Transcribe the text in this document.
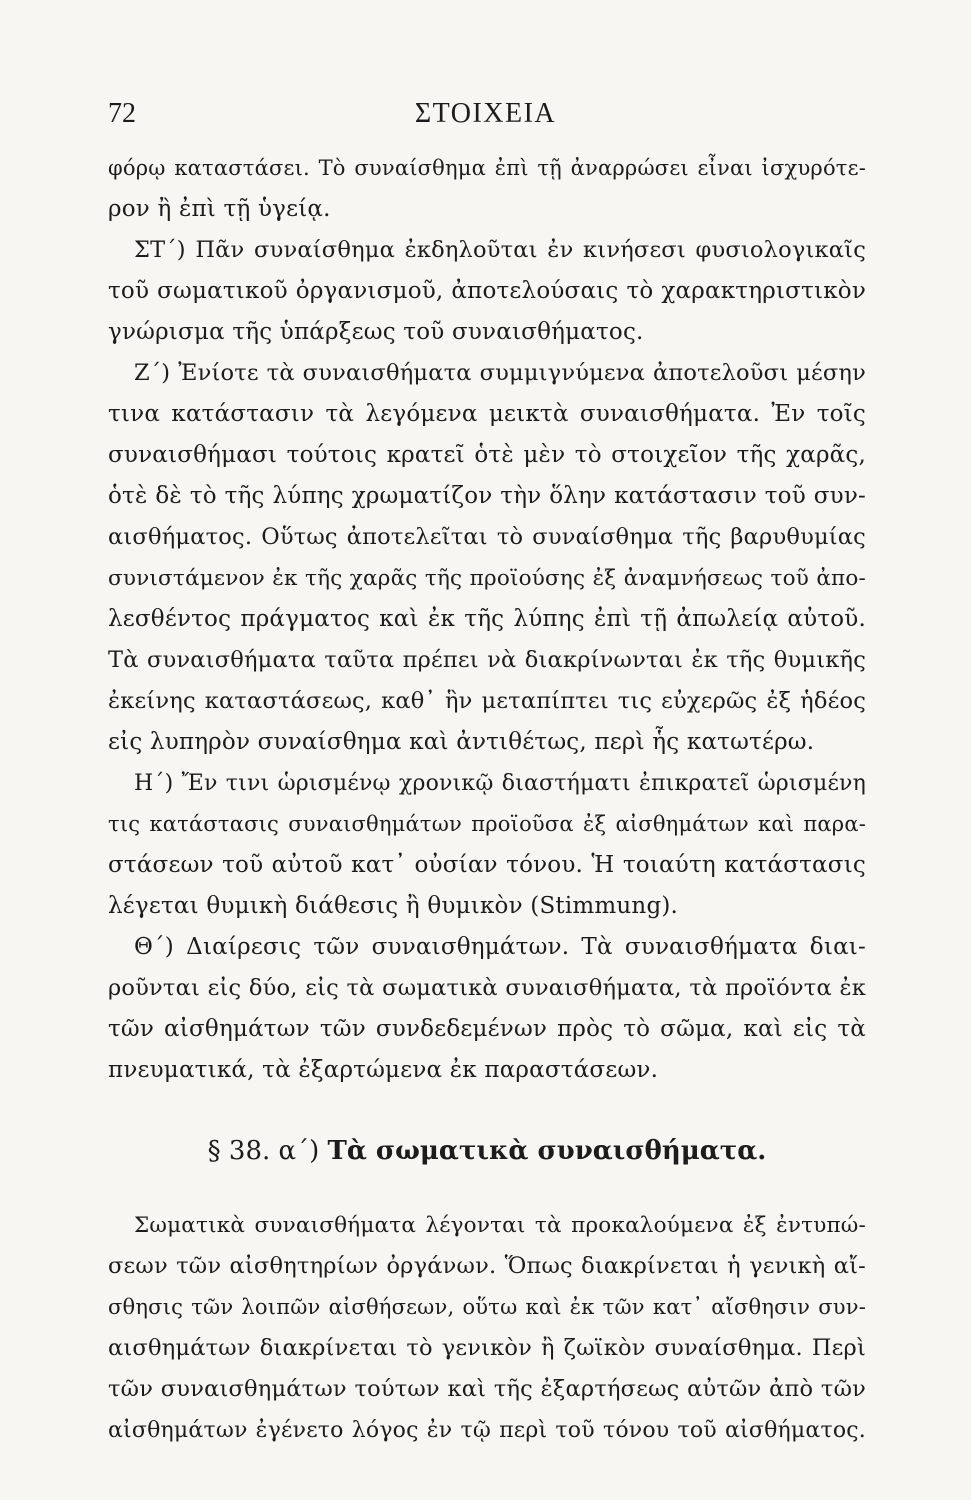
72	ΣΤΟΙΧΕΙΑ
φόρῳ καταστάσει. Τὸ συναίσθημα ἐπὶ τῇ ἀναρρώσει εἶναι ἰσχυρότε-
ρον ἢ ἐπὶ τῇ ὑγείᾳ.
ΣΤ΄) Πᾶν συναίσθημα ἐκδηλοῦται ἐν κινήσεσι φυσιολογικαῖς
τοῦ σωματικοῦ ὀργανισμοῦ, ἀποτελούσαις τὸ χαρακτηριστικὸν
γνώρισμα τῆς ὑπάρξεως τοῦ συναισθήματος.
Ζ΄) Ἐνίοτε τὰ συναισθήματα συμμιγνύμενα ἀποτελοῦσι μέσην
τινα κατάστασιν τὰ λεγόμενα μεικτὰ συναισθήματα. Ἐν τοῖς
συναισθήμασι τούτοις κρατεῖ ὁτὲ μὲν τὸ στοιχεῖον τῆς χαρᾶς,
ὁτὲ δὲ τὸ τῆς λύπης χρωματίζον τὴν ὅλην κατάστασιν τοῦ συν-
αισθήματος. Οὕτως ἀποτελεῖται τὸ συναίσθημα τῆς βαρυθυμίας
συνιστάμενον ἐκ τῆς χαρᾶς τῆς προϊούσης ἐξ ἀναμνήσεως τοῦ ἀπο-
λεσθέντος πράγματος καὶ ἐκ τῆς λύπης ἐπὶ τῇ ἀπωλείᾳ αὐτοῦ.
Τὰ συναισθήματα ταῦτα πρέπει νὰ διακρίνωνται ἐκ τῆς θυμικῆς
ἐκείνης καταστάσεως, καθ᾿ ἣν μεταπίπτει τις εὐχερῶς ἐξ ἡδέος
εἰς λυπηρὸν συναίσθημα καὶ ἀντιθέτως, περὶ ἧς κατωτέρω.
Η΄) Ἔν τινι ὡρισμένῳ χρονικῷ διαστήματι ἐπικρατεῖ ὡρισμένη
τις κατάστασις συναισθημάτων προϊοῦσα ἐξ αἰσθημάτων καὶ παρα-
στάσεων τοῦ αὐτοῦ κατ᾿ οὐσίαν τόνου. Ἡ τοιαύτη κατάστασις
λέγεται θυμικὴ διάθεσις ἢ θυμικὸν (Stimmung).
Θ΄) Διαίρεσις τῶν συναισθημάτων. Τὰ συναισθήματα διαι-
ροῦνται εἰς δύο, εἰς τὰ σωματικὰ συναισθήματα, τὰ προϊόντα ἐκ
τῶν αἰσθημάτων τῶν συνδεδεμένων πρὸς τὸ σῶμα, καὶ εἰς τὰ
πνευματικά, τὰ ἐξαρτώμενα ἐκ παραστάσεων.
§ 38. α΄) Τὰ σωματικὰ συναισθήματα.
Σωματικὰ συναισθήματα λέγονται τὰ προκαλούμενα ἐξ ἐντυπώ-
σεων τῶν αἰσθητηρίων ὀργάνων. Ὅπως διακρίνεται ἡ γενικὴ αἴ-
σθησις τῶν λοιπῶν αἰσθήσεων, οὕτω καὶ ἐκ τῶν κατ᾿ αἴσθησιν συν-
αισθημάτων διακρίνεται τὸ γενικὸν ἢ ζωϊκὸν συναίσθημα. Περὶ
τῶν συναισθημάτων τούτων καὶ τῆς ἐξαρτήσεως αὐτῶν ἀπὸ τῶν
αἰσθημάτων ἐγένετο λόγος ἐν τῷ περὶ τοῦ τόνου τοῦ αἰσθήματος.
